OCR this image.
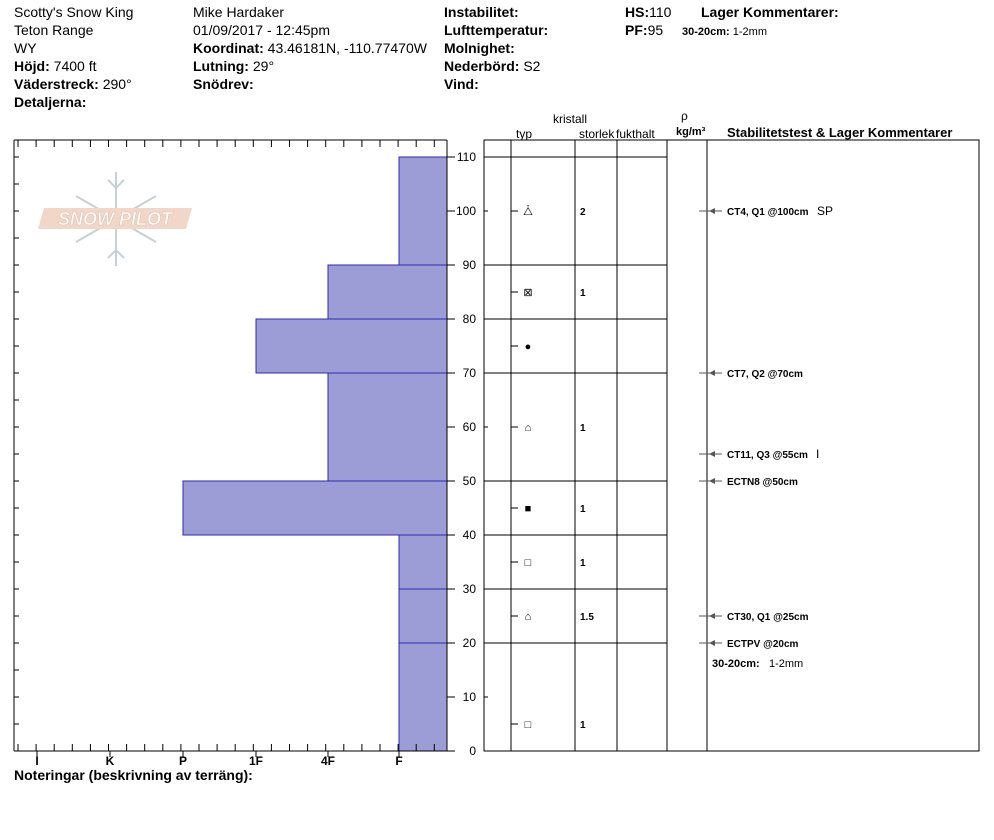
Scotty's Snow King
Teton Range
WY
Höjd: 7400 ft
Väderstreck: 290°
Detaljerna:
Mike Hardaker
01/09/2017 - 12:45pm
Koordinat: 43.46181N, -110.77470W
Lutning: 29°
Snödrev:
Instabilitet:
Lufttemperatur:
Molnighet:
Nederbörd: S2
Vind:
HS:110
PF:95
Lager Kommentarer:
30-20cm: 1-2mm
kristall
typ	storlek fukthalt
ρ
kg/m³ Stabilitetstest & Lager Kommentarer
SNOW PILOT
I	K	P	1F	4F	F
0
10
20
30
40
50
60
70
80
90
100
110
⧊	2
⊠	1
●
⌂	1
■	1
□	1
⌂	1.5
□	1
CT4, Q1 @100cm SP
CT7, Q2 @70cm
CT11, Q3 @55cm I
ECTN8 @50cm
CT30, Q1 @25cm
ECTPV @20cm
30-20cm: 1-2mm
Noteringar (beskrivning av terräng):
